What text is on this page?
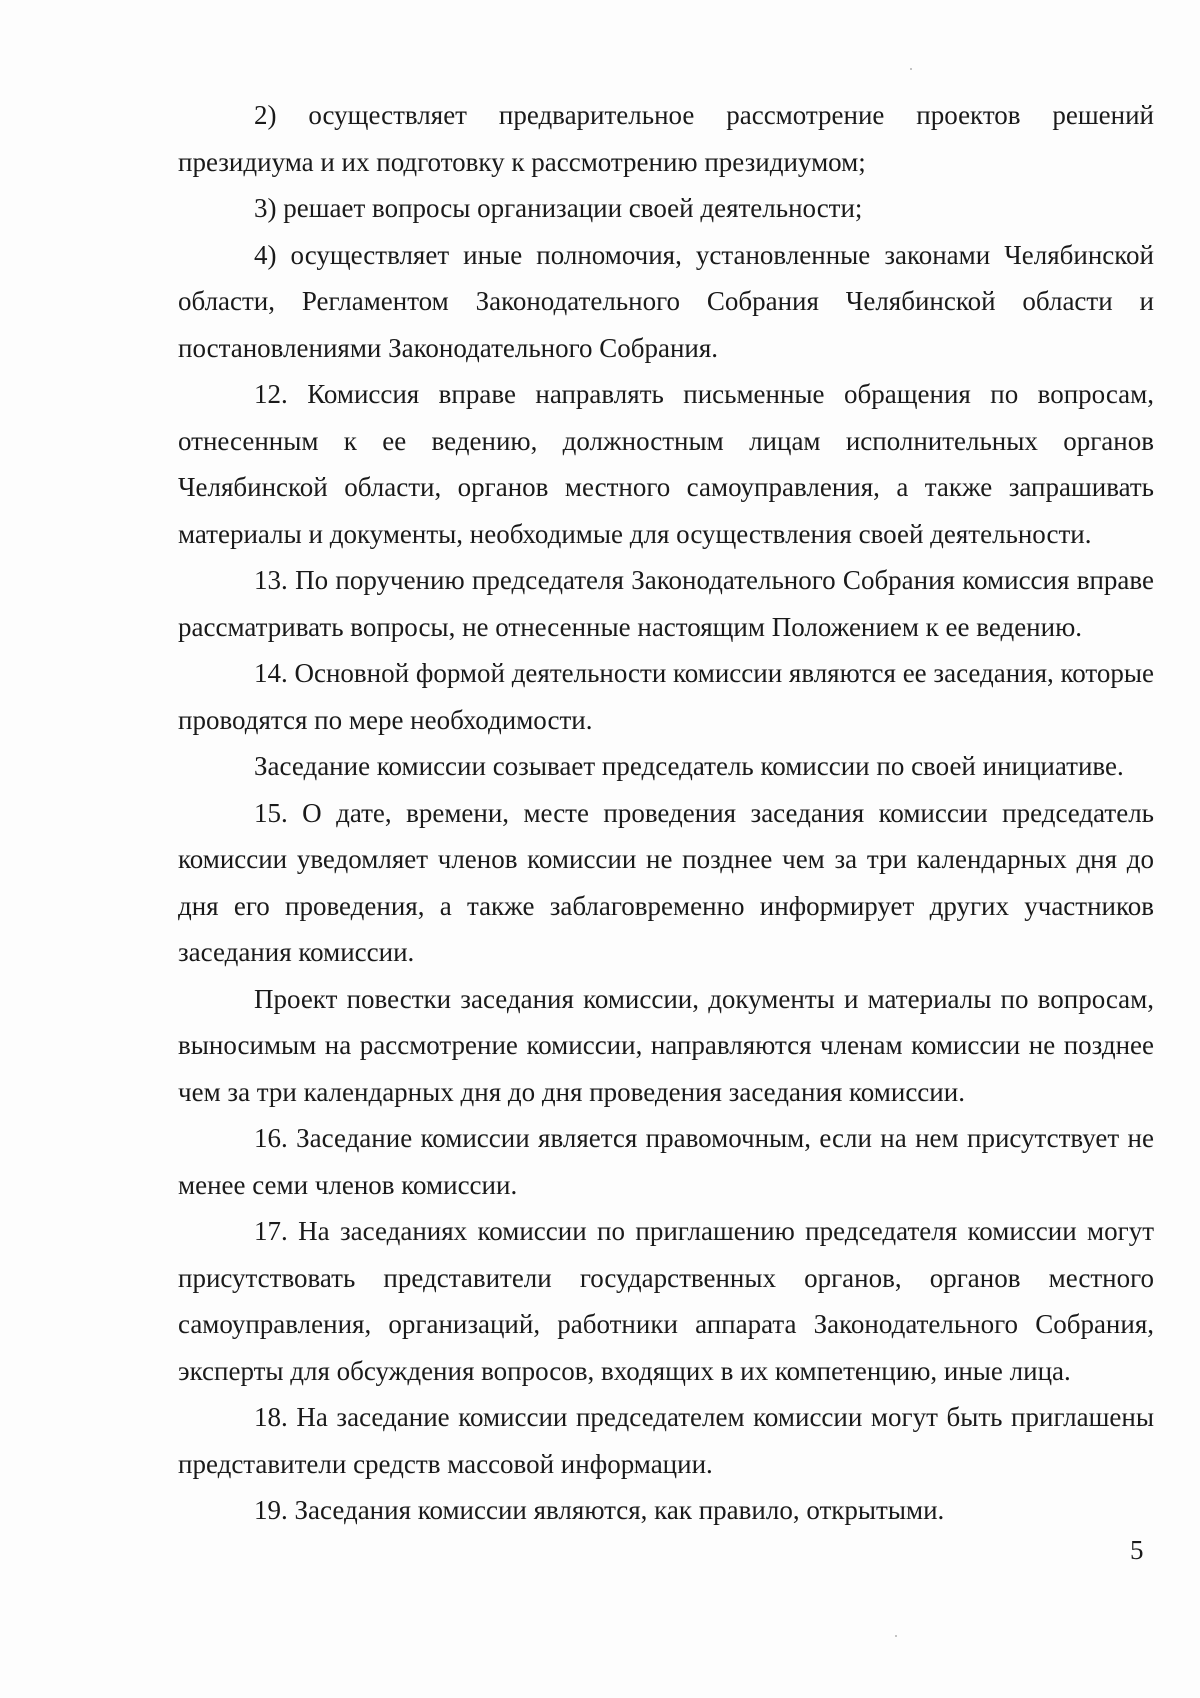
2) осуществляет предварительное рассмотрение проектов решений президиума и их подготовку к рассмотрению президиумом;

3) решает вопросы организации своей деятельности;

4) осуществляет иные полномочия, установленные законами Челябинской области, Регламентом Законодательного Собрания Челябинской области и постановлениями Законодательного Собрания.

12. Комиссия вправе направлять письменные обращения по вопросам, отнесенным к ее ведению, должностным лицам исполнительных органов Челябинской области, органов местного самоуправления, а также запрашивать материалы и документы, необходимые для осуществления своей деятельности.

13. По поручению председателя Законодательного Собрания комиссия вправе рассматривать вопросы, не отнесенные настоящим Положением к ее ведению.

14. Основной формой деятельности комиссии являются ее заседания, которые проводятся по мере необходимости.

Заседание комиссии созывает председатель комиссии по своей инициативе.

15. О дате, времени, месте проведения заседания комиссии председатель комиссии уведомляет членов комиссии не позднее чем за три календарных дня до дня его проведения, а также заблаговременно информирует других участников заседания комиссии.

Проект повестки заседания комиссии, документы и материалы по вопросам, выносимым на рассмотрение комиссии, направляются членам комиссии не позднее чем за три календарных дня до дня проведения заседания комиссии.

16. Заседание комиссии является правомочным, если на нем присутствует не менее семи членов комиссии.

17. На заседаниях комиссии по приглашению председателя комиссии могут присутствовать представители государственных органов, органов местного самоуправления, организаций, работники аппарата Законодательного Собрания, эксперты для обсуждения вопросов, входящих в их компетенцию, иные лица.

18. На заседание комиссии председателем комиссии могут быть приглашены представители средств массовой информации.

19. Заседания комиссии являются, как правило, открытыми.

5
